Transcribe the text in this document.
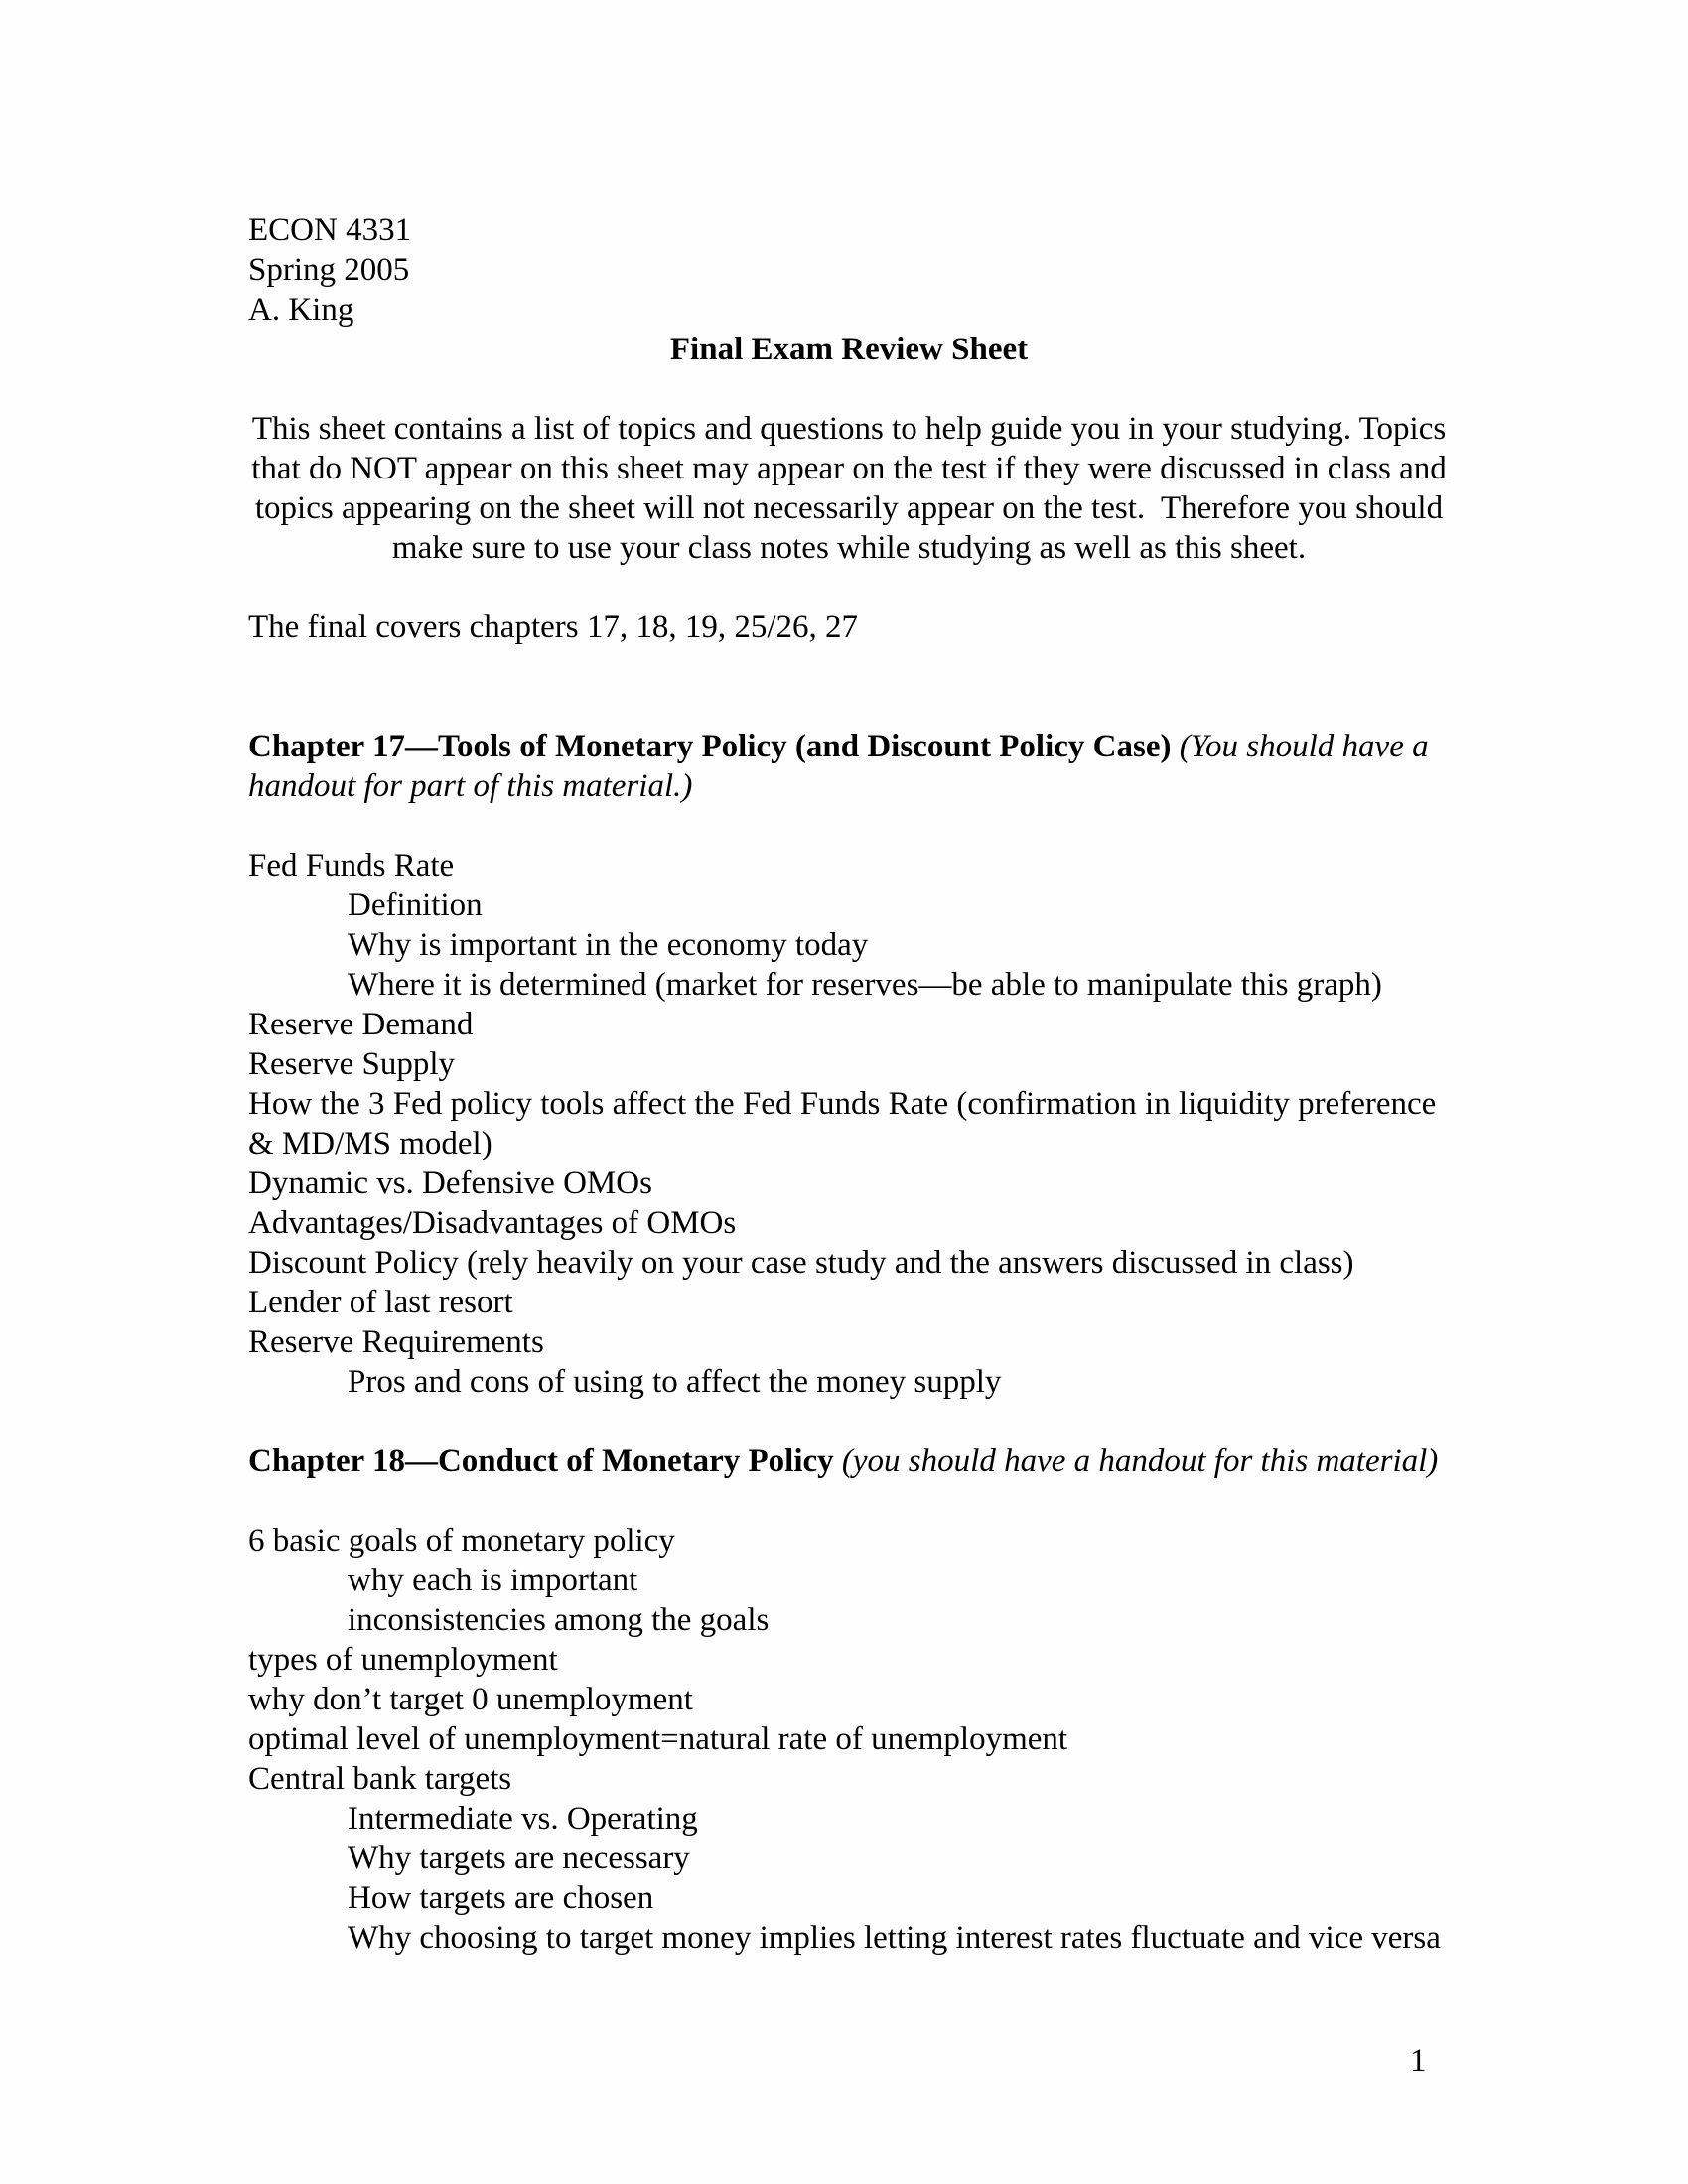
ECON 4331

Spring 2005

A. King

Final Exam Review Sheet

This sheet contains a list of topics and questions to help guide you in your studying. Topics that do NOT appear on this sheet may appear on the test if they were discussed in class and topics appearing on the sheet will not necessarily appear on the test.  Therefore you should make sure to use your class notes while studying as well as this sheet.

The final covers chapters 17, 18, 19, 25/26, 27

Chapter 17—Tools of Monetary Policy (and Discount Policy Case) (You should have a handout for part of this material.)

Fed Funds Rate

Definition

Why is important in the economy today

Where it is determined (market for reserves—be able to manipulate this graph)

Reserve Demand

Reserve Supply

How the 3 Fed policy tools affect the Fed Funds Rate (confirmation in liquidity preference & MD/MS model)

Dynamic vs. Defensive OMOs

Advantages/Disadvantages of OMOs

Discount Policy (rely heavily on your case study and the answers discussed in class)

Lender of last resort

Reserve Requirements

Pros and cons of using to affect the money supply

Chapter 18—Conduct of Monetary Policy (you should have a handout for this material)

6 basic goals of monetary policy

why each is important

inconsistencies among the goals

types of unemployment

why don’t target 0 unemployment

optimal level of unemployment=natural rate of unemployment

Central bank targets

Intermediate vs. Operating

Why targets are necessary

How targets are chosen

Why choosing to target money implies letting interest rates fluctuate and vice versa

1
